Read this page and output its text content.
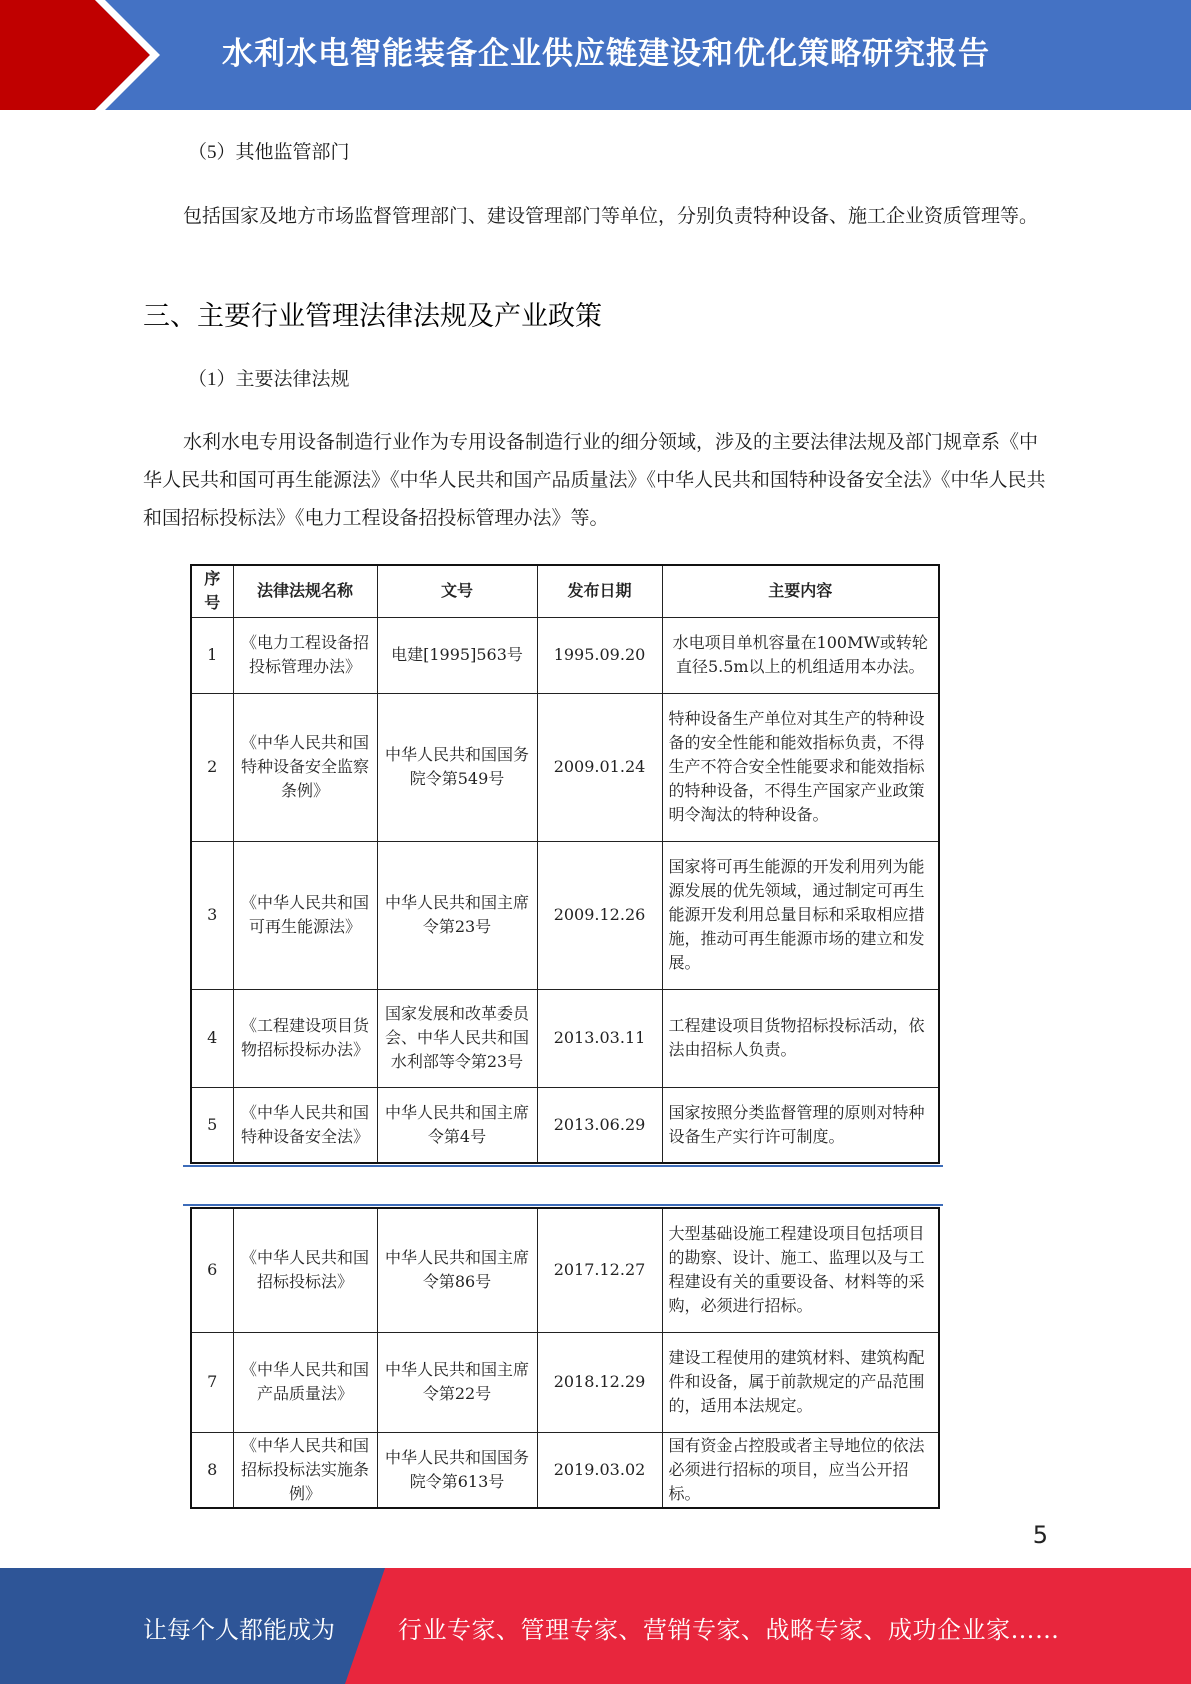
水利水电智能装备企业供应链建设和优化策略研究报告
（5）其他监管部门
包括国家及地方市场监督管理部门、建设管理部门等单位，分别负责特种设备、施工企业资质管理等。
三、主要行业管理法律法规及产业政策
（1）主要法律法规
水利水电专用设备制造行业作为专用设备制造行业的细分领域，涉及的主要法律法规及部门规章系《中华人民共和国可再生能源法》《中华人民共和国产品质量法》《中华人民共和国特种设备安全法》《中华人民共和国招标投标法》《电力工程设备招投标管理办法》等。
序号	法律法规名称	文号	发布日期	主要内容
1	《电力工程设备招投标管理办法》	电建[1995]563号	1995.09.20	水电项目单机容量在100MW或转轮直径5.5m以上的机组适用本办法。
2	《中华人民共和国特种设备安全监察条例》	中华人民共和国国务院令第549号	2009.01.24	特种设备生产单位对其生产的特种设备的安全性能和能效指标负责，不得生产不符合安全性能要求和能效指标的特种设备，不得生产国家产业政策明令淘汰的特种设备。
3	《中华人民共和国可再生能源法》	中华人民共和国主席令第23号	2009.12.26	国家将可再生能源的开发利用列为能源发展的优先领域，通过制定可再生能源开发利用总量目标和采取相应措施，推动可再生能源市场的建立和发展。
4	《工程建设项目货物招标投标办法》	国家发展和改革委员会、中华人民共和国水利部等令第23号	2013.03.11	工程建设项目货物招标投标活动，依法由招标人负责。
5	《中华人民共和国特种设备安全法》	中华人民共和国主席令第4号	2013.06.29	国家按照分类监督管理的原则对特种设备生产实行许可制度。
6	《中华人民共和国招标投标法》	中华人民共和国主席令第86号	2017.12.27	大型基础设施工程建设项目包括项目的勘察、设计、施工、监理以及与工程建设有关的重要设备、材料等的采购，必须进行招标。
7	《中华人民共和国产品质量法》	中华人民共和国主席令第22号	2018.12.29	建设工程使用的建筑材料、建筑构配件和设备，属于前款规定的产品范围的，适用本法规定。
8	《中华人民共和国招标投标法实施条例》	中华人民共和国国务院令第613号	2019.03.02	国有资金占控股或者主导地位的依法必须进行招标的项目，应当公开招标。
5
让每个人都能成为	行业专家、管理专家、营销专家、战略专家、成功企业家……
